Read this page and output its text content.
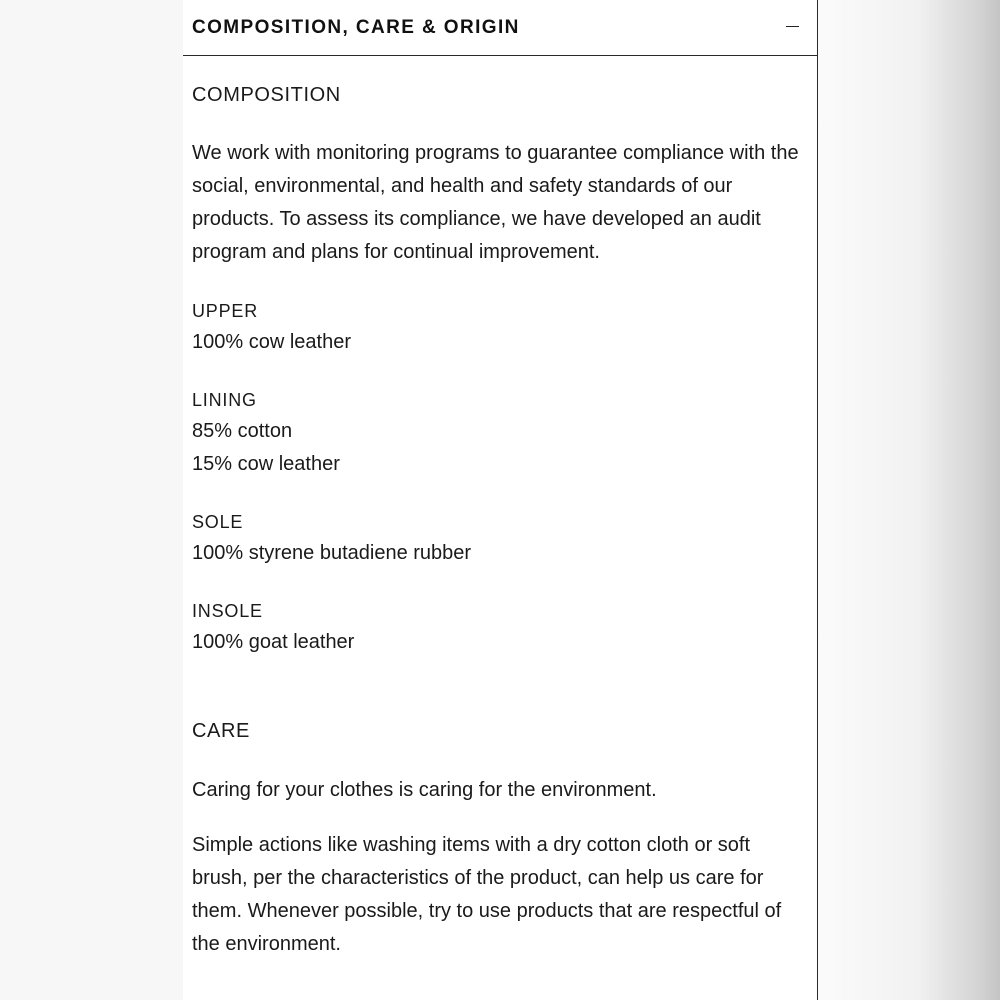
COMPOSITION, CARE & ORIGIN

COMPOSITION

We work with monitoring programs to guarantee compliance with the social, environmental, and health and safety standards of our products. To assess its compliance, we have developed an audit program and plans for continual improvement.

UPPER

100% cow leather

LINING

85% cotton

15% cow leather

SOLE

100% styrene butadiene rubber

INSOLE

100% goat leather

CARE

Caring for your clothes is caring for the environment.

Simple actions like washing items with a dry cotton cloth or soft brush, per the characteristics of the product, can help us care for them. Whenever possible, try to use products that are respectful of the environment.
